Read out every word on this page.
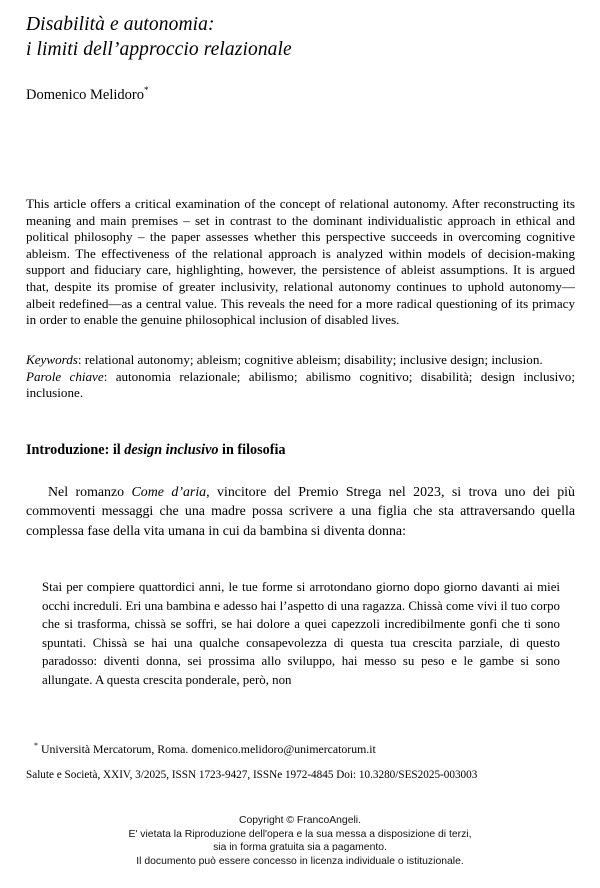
Disabilità e autonomia:
i limiti dell’approccio relazionale
Domenico Melidoro*

This article offers a critical examination of the concept of relational autonomy. After reconstructing its meaning and main premises – set in contrast to the dominant individualistic approach in ethical and political philosophy – the paper assesses whether this perspective succeeds in overcoming cognitive ableism. The effectiveness of the relational approach is analyzed within models of decision-making support and fiduciary care, highlighting, however, the persistence of ableist assumptions. It is argued that, despite its promise of greater inclusivity, relational autonomy continues to uphold autonomy—albeit redefined—as a central value. This reveals the need for a more radical questioning of its primacy in order to enable the genuine philosophical inclusion of disabled lives.

Keywords: relational autonomy; ableism; cognitive ableism; disability; inclusive design; inclusion.

Parole chiave: autonomia relazionale; abilismo; abilismo cognitivo; disabilità; design inclusivo; inclusione.

Introduzione: il design inclusivo in filosofia

Nel romanzo Come d’aria, vincitore del Premio Strega nel 2023, si trova uno dei più commoventi messaggi che una madre possa scrivere a una figlia che sta attraversando quella complessa fase della vita umana in cui da bambina si diventa donna:

Stai per compiere quattordici anni, le tue forme si arrotondano giorno dopo giorno davanti ai miei occhi increduli. Eri una bambina e adesso hai l’aspetto di una ragazza. Chissà come vivi il tuo corpo che si trasforma, chissà se soffri, se hai dolore a quei capezzoli incredibilmente gonfi che ti sono spuntati. Chissà se hai una qualche consapevolezza di questa tua crescita parziale, di questo paradosso: diventi donna, sei prossima allo sviluppo, hai messo su peso e le gambe si sono allungate. A questa crescita ponderale, però, non

* Università Mercatorum, Roma. domenico.melidoro@unimercatorum.it
Salute e Società, XXIV, 3/2025, ISSN 1723-9427, ISSNe 1972-4845 Doi: 10.3280/SES2025-003003
Copyright © FrancoAngeli.
E' vietata la Riproduzione dell'opera e la sua messa a disposizione di terzi,
sia in forma gratuita sia a pagamento.
Il documento può essere concesso in licenza individuale o istituzionale.
